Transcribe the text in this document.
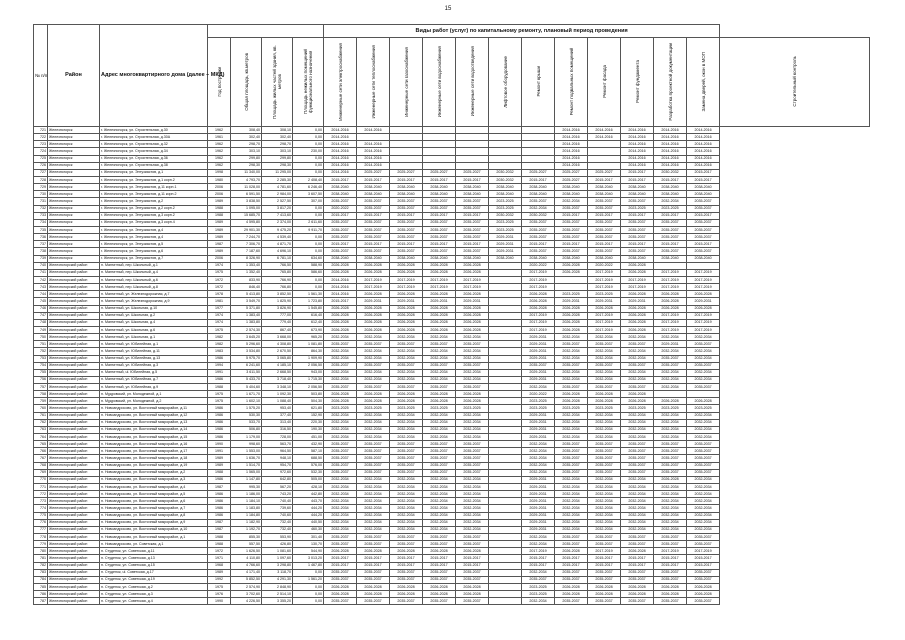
15
№ п/п	Район	Адрес многоквартирного дома (далее – МКД)					Виды работ (услуг) по капитальному ремонту, плановый период проведения												
			Год постройки	Общая площадь, кв.метров	Площадь жилых частей здания, кв. метров	Площадь нежилых помещений функционального назначения	Инженерные сети электроснабжения	Инженерные сети теплоснабжения	Инженерные сети газоснабжения	Инженерные сети водоснабжения	Инженерные сети водоотведения	Лифтовое оборудование	Ремонт крыши	Ремонт подвальных помещений	Ремонт фасада	Ремонт фундамента	Разработка проектной документации	Замена дверей, окон в МОП	Строительный контроль
721	Железногорск	г. Железногорск, ул. Строительная, д.30	1962	308,40	308,10	0,00	2014-2016	2014-2016						2014-2016	2014-2016	2014-2016	2014-2016	2014-2016	
722	Железногорск	г. Железногорск, ул. Строительная, д.30А	1961	302,40	302,40	0,00	2014-2016							2014-2016	2014-2016	2014-2016	2014-2016	2014-2016	
723	Железногорск	г. Железногорск, ул. Строительная, д.32	1962	298,70	298,70	0,00	2014-2016	2014-2016						2014-2016		2014-2016	2014-2016	2014-2016	
724	Железногорск	г. Железногорск, ул. Строительная, д.34	1962	303,10	303,10	230,00	2014-2016	2014-2016						2014-2016		2014-2016	2014-2016	2014-2016	
725	Железногорск	г. Железногорск, ул. Строительная, д.36	1962	299,80	299,80	0,00	2014-2016	2014-2016						2014-2016		2014-2016	2014-2016	2014-2016	
726	Железногорск	г. Железногорск, ул. Строительная, д.38	1962	298,30	298,30	0,00	2014-2016	2014-2016						2014-2016		2014-2016	2014-2016	2014-2016	
727	Железногорск	г. Железногорск, ул. Энтузиастов, д.1	1998	11 340,00	11 295,00	0,00	2014-2016	2025-2027	2025-2027	2025-2027	2025-2027	2030-2032	2025-2027	2025-2027	2025-2027	2015-2017	2030-2032	2015-2017	
728	Железногорск	г. Железногорск, ул. Энтузиастов, д.1 корп.2	1980	4 793,70	2 285,30	2 408,40	2015-2017	2015-2017	2015-2017	2015-2017	2015-2017	2030-2032	2015-2017	2025-2027	2015-2017	2015-2017	2015-2017	2015-2017	
729	Железногорск	г. Железногорск, ул. Энтузиастов, д.11 корп.1	2006	11 028,00	4 781,60	6 246,40	2038-2040	2038-2040	2038-2040	2038-2040	2038-2040	2038-2040	2038-2040	2038-2040	2038-2040	2038-2040	2038-2040	2038-2040	
730	Железногорск	г. Железногорск, ул. Энтузиастов, д.11 корп.2	2006	6 591,50	2 984,00	3 607,50	2038-2040	2038-2040	2038-2040	2038-2040	2038-2040	2038-2040	2038-2040	2038-2040	2038-2040	2038-2040	2038-2040	2038-2040	
731	Железногорск	г. Железногорск, ул. Энтузиастов, д.2	1989	3 838,50	2 527,50	307,00	2035-2037	2035-2037	2035-2037	2035-2037	2035-2037	2023-2025	2035-2037	2032-2034	2035-2037	2035-2037	2032-2034	2035-2037	
732	Железногорск	г. Железногорск, ул. Энтузиастов, д.2 корп.2	1988	1 095,00	3 817,20	0,00	2020-2022	2035-2037	2035-2037	2035-2037	2035-2037	2023-2025	2032-2034	2035-2037	2035-2037	2023-2025	2023-2025	2035-2037	
733	Железногорск	г. Железногорск, ул. Энтузиастов, д.3 корп.2	1988	15 685,70	7 413,60	0,00	2015-2017	2015-2017	2015-2017	2015-2017	2015-2017	2030-2032	2030-2032	2015-2017	2015-2017	2015-2017	2015-2017	2015-2017	
734	Железногорск	г. Железногорск, ул. Энтузиастов, д.3 корп.4	1989	4 595,80	2 374,00	2 611,60	2035-2037	2035-2037	2035-2037	2035-2037	2035-2037	2023-2025	2035-2037	2035-2037	2035-2037	2035-2037	2035-2037	2035-2037	
735	Железногорск	г. Железногорск, ул. Энтузиастов, д.4	1989	29 901,30	9 475,20	9 911,70	2035-2037	2035-2037	2035-2037	2035-2037	2035-2037	2023-2025	2035-2037	2035-2037	2035-2037	2035-2037	2035-2037	2035-2037	
736	Железногорск	г. Железногорск, ул. Энтузиастов, д.4	1989	7 244,70	4 539,40	0,00	2035-2037	2035-2037	2035-2037	2035-2037	2035-2037	2029-2031	2035-2037	2035-2037	2035-2037	2035-2037	2035-2037	2035-2037	
737	Железногорск	г. Железногорск, ул. Энтузиастов, д.5	1987	7 306,70	4 871,70	0,00	2015-2017	2015-2017	2015-2017	2015-2017	2015-2017	2029-2031	2015-2017	2015-2017	2015-2017	2015-2017	2015-2017	2015-2017	
738	Железногорск	г. Железногорск, ул. Энтузиастов, д.6	1989	7 187,60	4 696,10	0,00	2035-2037	2035-2037	2035-2037	2035-2037	2035-2037	2029-2031	2035-2037	2035-2037	2035-2037	2035-2037	2035-2037	2035-2037	
739	Железногорск	г. Железногорск, ул. Энтузиастов, д.7	2006	8 326,90	6 781,10	634,60	2038-2040	2038-2040	2038-2040	2038-2040	2038-2040	2038-2040	2038-2040	2038-2040	2038-2040	2038-2040	2038-2040	2038-2040	
740	Железногорский район	п. Магнитный, пер. Школьный, д.1	1974	1 353,40	766,50	588,90	2026-2028	2026-2028	2026-2028	2026-2028	2026-2028		2020-2022	2026-2028	2020-2022	2026-2028			
741	Железногорский район	п. Магнитный, пер. Школьный, д.4	1975	1 352,40	765,80	586,60	2026-2028	2026-2028	2026-2028	2026-2028	2026-2028		2017-2019	2026-2028	2017-2019	2026-2028	2017-2019	2017-2019	
742	Железногорский район	п. Магнитный, пер. Школьный, д.6	1972	833,90	766,90	0,00	2014-2016	2017-2019	2017-2019	2017-2019	2017-2019		2017-2019		2017-2019	2017-2019	2017-2019	2017-2019	
743	Железногорский район	п. Магнитный, пер. Школьный, д.8	1972	846,40	766,80	0,00	2014-2016	2017-2019	2017-2019	2017-2019	2017-2019		2017-2019		2017-2019	2017-2019	2017-2019	2017-2019	
744	Железногорский район	п. Магнитный, ул. Железнодорожная, д.7	1978	5 413,80	3 852,50	1 561,30	2014-2016	2026-2028	2026-2028	2026-2028	2026-2028		2026-2028	2023-2025	2023-2025	2026-2028	2026-2028	2026-2028	
745	Железногорский район	п. Магнитный, ул. Железнодорожная, д.9	1981	3 549,70	1 825,90	1 723,80	2015-2017	2029-2031	2029-2031	2029-2031	2029-2031		2026-2028	2029-2031	2029-2031	2029-2031	2026-2028	2029-2031	
746	Железногорский район	п. Магнитный, ул. Школьная, д.10	1977	5 371,80	3 826,90	1 545,80	2026-2028	2026-2028	2026-2028	2026-2028	2026-2028		2026-2028	2026-2028	2026-2028	2026-2028	2026-2028	2026-2028	
747	Железногорский район	п. Магнитный, ул. Школьная, д.2	1974	1 383,40	777,00	616,40	2026-2028	2026-2028	2026-2028	2026-2028	2026-2028		2017-2019	2026-2028	2017-2019	2026-2028	2017-2019	2017-2019	
748	Железногорский район	п. Магнитный, ул. Школьная, д.4	1974	1 383,80	779,40	612,40	2026-2028	2026-2028	2026-2028	2026-2028	2026-2028		2017-2019	2026-2028	2017-2019	2026-2028	2017-2019	2017-2019	
749	Железногорский район	п. Магнитный, ул. Школьная, д.6	1975	2 574,30	867,40	673,90	2026-2028	2026-2028	2026-2028	2026-2028	2026-2028		2017-2019	2026-2028	2017-2019	2026-2028	2017-2019	2017-2019	
750	Железногорский район	п. Магнитный, ул. Школьная, д.1	1982	3 645,20	3 668,00	965,20	2032-2034	2032-2034	2032-2034	2032-2034	2032-2034		2029-2031	2032-2034	2032-2034	2032-2034	2032-2034	2032-2034	
751	Железногорский район	п. Магнитный, ул. Юбилейная, д.1	1982	5 296,60	4 308,80	1 081,80	2035-2037	2035-2037	2035-2037	2035-2037	2035-2037		2029-2031	2035-2037	2035-2037	2035-2037	2029-2031	2035-2037	
752	Железногорский район	п. Магнитный, ул. Юбилейная, д.11	1983	3 534,80	2 670,50	864,30	2032-2034	2032-2034	2032-2034	2032-2034	2032-2034		2029-2031	2032-2034	2032-2034	2032-2034	2032-2034	2032-2034	
753	Железногорский район	п. Магнитный, ул. Юбилейная, д.13	1986	5 975,70	3 065,80	1 909,90	2032-2034	2032-2034	2032-2034	2032-2034	2032-2034		2029-2031	2032-2034	2032-2034	2032-2034	2035-2037	2032-2034	
754	Железногорский район	п. Магнитный, ул. Юбилейная, д.3	1994	6 241,60	4 185,10	2 056,50	2035-2037	2035-2037	2035-2037	2035-2037	2035-2037		2035-2037	2035-2037	2035-2037	2035-2037	2035-2037	2035-2037	
755	Железногорский район	п. Магнитный, ul. Юбилейная, д.5	1991	3 611,50	2 668,50	943,00	2032-2034	2032-2034	2032-2034	2032-2034	2032-2034		2029-2031	2032-2034	2032-2034	2032-2034	2032-2034	2032-2034	
756	Железногорский район	п. Магнитный, ул. Юбилейная, д.7	1986	5 433,70	3 718,40	1 715,30	2032-2034	2032-2034	2032-2034	2032-2034	2032-2034		2029-2031	2032-2034	2032-2034	2032-2034	2032-2034	2032-2034	
757	Железногорский район	п. Магнитный, ул. Юбилейная, д.9	1988	5 404,60	3 348,10	2 056,50	2035-2037	2035-2037	2035-2037	2035-2037	2035-2037		2032-2034	2035-2037	2035-2037	2035-2037	2032-2034	2035-2037	
758	Железногорский район	п. Мудровский, ул. Молодежной, д.1	1975	1 671,70	1 092,30	503,80	2026-2028	2026-2028	2026-2028	2026-2028	2026-2028		2020-2022	2026-2028	2026-2028	2026-2028			
759	Железногорский район	п. Мудровский, ул. Молодежной, д.2	1975	1 602,10	1 088,40	504,30	2026-2028	2026-2028	2026-2028	2026-2028	2026-2028		2023-2025	2026-2028	2026-2028	2026-2028	2026-2028	2026-2028	
760	Железногорский район	п. Новоандросово, ул. Восточный микрорайон, д.11	1986	1 575,20	953,40	621,80	2023-2025	2023-2025	2023-2025	2023-2025	2023-2025		2023-2025	2023-2025	2023-2025	2023-2025	2023-2025	2023-2025	
761	Железногорский район	п. Новоандросово, ул. Восточный микрорайон, д.12	1986	530,30	377,40	152,90	2032-2034	2032-2034	2032-2034	2032-2034	2032-2034		2029-2031	2032-2034	2032-2034	2032-2034	2032-2034	2032-2034	
762	Железногорский район	п. Новоандросово, ул. Восточный микрорайон, д.13	1986	533,70	313,40	220,30	2032-2034	2032-2034	2032-2034	2032-2034	2032-2034		2029-2031	2032-2034	2032-2034	2032-2034	2032-2034	2032-2034	
763	Железногорский район	п. Новоандросово, ул. Восточный микрорайон, д.14	1986	506,80	316,50	190,30	2032-2034	2032-2034	2032-2034	2032-2034	2032-2034		2029-2031	2032-2034	2032-2034	2032-2034	2032-2034	2032-2034	
764	Железногорский район	п. Новоандросово, ул. Восточный микрорайон, д.15	1986	1 179,00	728,00	451,00	2032-2034	2032-2034	2032-2034	2032-2034	2032-2034		2029-2031	2032-2034	2032-2034	2032-2034	2032-2034	2032-2034	
765	Железногорский район	п. Новоандросово, ул. Восточный микрорайон, д.16	1990	998,60	563,70	432,90	2035-2037	2035-2037	2035-2037	2035-2037	2035-2037		2032-2034	2035-2037	2035-2037	2035-2037	2035-2037	2035-2037	
766	Железногорский район	п. Новоандросово, ул. Восточный микрорайон, д.17	1991	1 553,00	964,50	587,10	2035-2037	2035-2037	2035-2037	2035-2037	2035-2037		2032-2034	2035-2037	2035-2037	2035-2037	2035-2037	2035-2037	
767	Железногорский район	п. Новоандросово, ул. Восточный микрорайон, д.18	1989	1 636,70	948,10	688,50	2035-2037	2035-2037	2035-2037	2035-2037	2035-2037		2032-2034	2035-2037	2035-2037	2035-2037	2035-2037	2035-2037	
768	Железногорский район	п. Новоандросово, ул. Восточный микрорайон, д.19	1989	1 514,70	954,70	576,00	2035-2037	2035-2037	2035-2037	2035-2037	2035-2037		2032-2034	2035-2037	2035-2037	2035-2037	2035-2037	2035-2037	
769	Железногорский район	п. Новоандросово, ул. Восточный микрорайон, д.2	1988	1 565,00	972,60	532,30	2035-2037	2035-2037	2035-2037	2035-2037	2035-2037		2032-2034	2035-2037	2035-2037	2035-2037	2035-2037	2035-2037	
770	Железногорский район	п. Новоандросово, ул. Восточный микрорайон, д.3	1986	1 147,80	642,80	505,00	2032-2034	2032-2034	2032-2034	2032-2034	2032-2034		2029-2031	2032-2034	2032-2034	2032-2034	2026-2028	2032-2034	
771	Железногорский район	п. Новоандросово, ул. Восточный микрорайон, д.4	1987	995,30	567,20	428,10	2032-2034	2032-2034	2032-2034	2032-2034	2032-2034		2029-2031	2032-2034	2032-2034	2032-2034	2032-2034	2032-2034	
772	Железногорский район	п. Новоандросово, ул. Восточный микрорайон, д.5	1986	1 186,00	743,20	442,80	2032-2034	2032-2034	2032-2034	2032-2034	2032-2034		2029-2031	2032-2034	2032-2034	2032-2034	2032-2034	2032-2034	
773	Железногорский район	п. Новоандросово, ул. Восточный микрорайон, д.6	1986	1 184,10	740,40	443,70	2032-2034	2032-2034	2032-2034	2032-2034	2032-2034		2029-2031	2032-2034	2032-2034	2032-2034	2032-2034	2032-2034	
774	Железногорский район	п. Новоандросово, ул. Восточный микрорайон, д.7	1986	1 183,80	739,60	444,20	2032-2034	2032-2034	2032-2034	2032-2034	2032-2034		2029-2031	2032-2034	2032-2034	2032-2034	2032-2034	2032-2034	
775	Железногорский район	п. Новоандросово, ул. Восточный микрорайон, д.8	1986	1 184,80	740,60	444,20	2032-2034	2032-2034	2032-2034	2032-2034	2032-2034		2029-2031	2032-2034	2032-2034	2032-2034	2032-2034	2032-2034	
776	Железногорский район	п. Новоандросово, ул. Восточный микрорайон, д.9	1987	1 182,90	732,40	440,50	2032-2034	2032-2034	2032-2034	2032-2034	2032-2034		2029-2031	2032-2034	2032-2034	2032-2034	2032-2034	2032-2034	
777	Железногорский район	п. Новоандросово, ул. Восточный микрорайон, д.10	1987	1 192,70	732,40	460,30	2032-2034	2032-2034	2032-2034	2032-2034	2032-2034		2029-2031	2032-2034	2032-2034	2032-2034	2032-2034	2032-2034	
778	Железногорский район	п. Новоандросово, ул. Восточный микрорайон, д.1	1988	855,30	553,90	301,40	2035-2037	2035-2037	2035-2037	2035-2037	2035-2037		2032-2034	2035-2037	2035-2037	2035-2037	2035-2037	2035-2037	
779	Железногорский район	п. Новоандросово, ул. Советская, д.1	1988	557,50	426,80	130,70	2035-2037	2035-2037	2035-2037	2035-2037	2035-2037		2032-2034	2035-2037	2035-2037	2035-2037	2035-2037	2035-2037	
780	Железногорский район	п. Студенок, ул. Советская, д.11	1972	1 626,50	1 081,60	544,90	2026-2028	2026-2028	2026-2028	2026-2028	2026-2028		2017-2019	2026-2028	2017-2019	2026-2028	2017-2019	2017-2019	
781	Железногорский район	п. Студенок, ул. Советская, д.13	1971	4 110,80	1 097,60	3 013,20	2015-2017	2015-2017	2015-2017	2015-2017	2015-2017		2015-2017	2015-2017	2015-2017	2015-2017	2015-2017	2015-2017	
782	Железногорский район	п. Студенок, ул. Советская, д.15	1968	4 766,60	3 298,80	1 467,80	2015-2017	2015-2017	2015-2017	2015-2017	2015-2017		2015-2017	2015-2017	2015-2017	2015-2017	2015-2017	2015-2017	
783	Железногорский район	п. Студенок, ul. Советская, д.17	1989	4 171,40	3 118,70	0,00	2035-2037	2035-2037	2035-2037	2035-2037	2035-2037		2032-2034	2035-2037	2035-2037	2035-2037	2035-2037	2035-2037	
784	Железногорский район	п. Студенок, ул. Советская, д.19	1992	5 852,50	4 291,30	1 561,20	2035-2037	2035-2037	2035-2037	2035-2037	2035-2037		2035-2037	2035-2037	2035-2037	2035-2037	2035-2037	2035-2037	
785	Железногорский район	п. Студенок, ул. Советская, д.2	1975	2 574,90	2 848,90	0,00	2026-2028	2026-2028	2026-2028	2026-2028	2026-2028		2023-2025	2026-2028	2026-2028	2026-2028	2026-2028	2026-2028	
786	Железногорский район	п. Студенок, ул. Советская, д.3	1976	3 702,60	2 514,10	0,00	2026-2028	2026-2028	2026-2028	2026-2028	2026-2028		2023-2025	2026-2028	2026-2028	2026-2028	2026-2028	2026-2028	
787	Железногорский район	п. Студенок, ул. Советская, д.4	1990	4 226,50	3 355,20	0,00	2035-2037	2035-2037	2035-2037	2035-2037	2035-2037		2032-2034	2035-2037	2035-2037	2035-2037	2035-2037	2035-2037	
